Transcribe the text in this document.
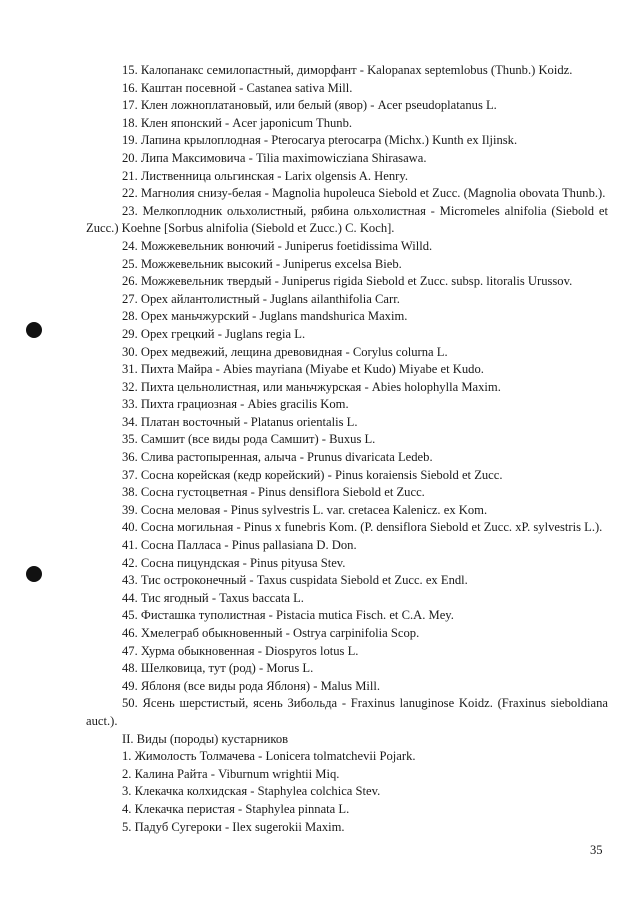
15. Калопанакс семилопастный, диморфант - Kalopanax septemlobus (Thunb.) Koidz.

16. Каштан посевной - Castanea sativa Mill.

17. Клен ложноплатановый, или белый (явор) - Acer pseudoplatanus L.

18. Клен японский - Acer japonicum Thunb.

19. Лапина крылоплодная - Pterocarya pterocarpa (Michx.) Kunth ex Iljinsk.

20. Липа Максимовича - Tilia maximowicziana Shirasawa.

21. Лиственница ольгинская - Larix olgensis A. Henry.

22. Магнолия снизу-белая - Magnolia hupoleuca Siebold et Zucc. (Magnolia obovata Thunb.).

23. Мелкоплодник ольхолистный, рябина ольхолистная - Micromeles alnifolia (Siebold et Zucc.) Koehne [Sorbus alnifolia (Siebold et Zucc.) C. Koch].

24. Можжевельник вонючий - Juniperus foetidissima Willd.

25. Можжевельник высокий - Juniperus excelsa Bieb.

26. Можжевельник твердый - Juniperus rigida Siebold et Zucc. subsp. litoralis Urussov.

27. Орех айлантолистный - Juglans ailanthifolia Carr.

28. Орех маньчжурский - Juglans mandshurica Maxim.

29. Орех грецкий - Juglans regia L.

30. Орех медвежий, лещина древовидная - Corylus colurna L.

31. Пихта Майра - Abies mayriana (Miyabe et Kudo) Miyabe et Kudo.

32. Пихта цельнолистная, или маньчжурская - Abies holophylla Maxim.

33. Пихта грациозная - Abies gracilis Kom.

34. Платан восточный - Platanus orientalis L.

35. Самшит (все виды рода Самшит) - Buxus L.

36. Слива растопыренная, алыча - Prunus divaricata Ledeb.

37. Сосна корейская (кедр корейский) - Pinus koraiensis Siebold et Zucc.

38. Сосна густоцветная - Pinus densiflora Siebold et Zucc.

39. Сосна меловая - Pinus sylvestris L. var. cretacea Kalenicz. ex Kom.

40. Сосна могильная - Pinus x funebris Kom. (P. densiflora Siebold et Zucc. xP. sylvestris L.).

41. Сосна Палласа - Pinus pallasiana D. Don.

42. Сосна пицундская - Pinus pityusa Stev.

43. Тис остроконечный - Taxus cuspidata Siebold et Zucc. ex Endl.

44. Тис ягодный - Taxus baccata L.

45. Фисташка туполистная - Pistacia mutica Fisch. et C.A. Mey.

46. Хмелеграб обыкновенный - Ostrya carpinifolia Scop.

47. Хурма обыкновенная - Diospyros lotus L.

48. Шелковица, тут (род) - Morus L.

49. Яблоня (все виды рода Яблоня) - Malus Mill.

50. Ясень шерстистый, ясень Зибольда - Fraxinus lanuginose Koidz. (Fraxinus sieboldiana auct.).

II. Виды (породы) кустарников

1. Жимолость Толмачева - Lonicera tolmatchevii Pojark.

2. Калина Райта - Viburnum wrightii Miq.

3. Клекачка колхидская - Staphylea colchica Stev.

4. Клекачка перистая - Staphylea pinnata L.

5. Падуб Сугероки - Ilex sugerokii Maxim.

35
